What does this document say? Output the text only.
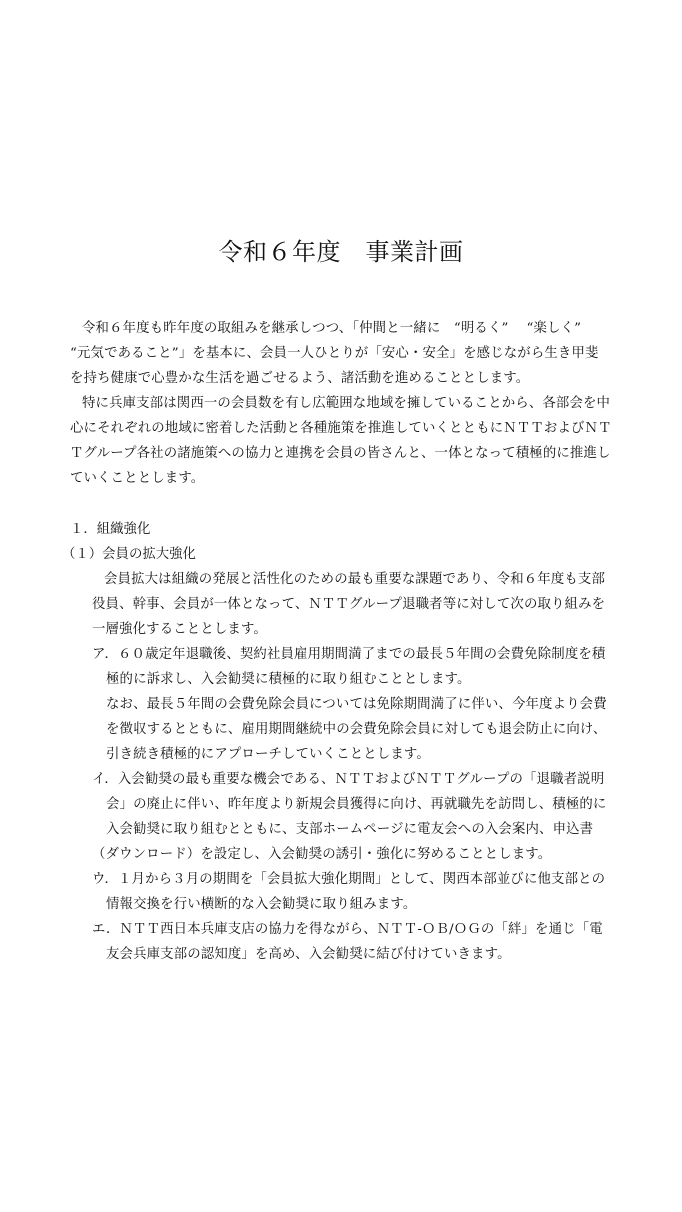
令和６年度　事業計画
令和６年度も昨年度の取組みを継承しつつ、「仲間と一緒に　“明るく”　 “楽しく”
“元気であること”」を基本に、会員一人ひとりが「安心・安全」を感じながら生き甲斐
を持ち健康で心豊かな生活を過ごせるよう、諸活動を進めることとします。
特に兵庫支部は関西一の会員数を有し広範囲な地域を擁していることから、各部会を中
心にそれぞれの地域に密着した活動と各種施策を推進していくとともにＮＴＴおよびＮＴ
Ｔグループ各社の諸施策への協力と連携を会員の皆さんと、一体となって積極的に推進し
ていくこととします。
１．組織強化
（１）会員の拡大強化
会員拡大は組織の発展と活性化のための最も重要な課題であり、令和６年度も支部
役員、幹事、会員が一体となって、ＮＴＴグループ退職者等に対して次の取り組みを
一層強化することとします。
ア．６０歳定年退職後、契約社員雇用期間満了までの最長５年間の会費免除制度を積
極的に訴求し、入会勧奨に積極的に取り組むこととします。
なお、最長５年間の会費免除会員については免除期間満了に伴い、今年度より会費
を徴収するとともに、雇用期間継続中の会費免除会員に対しても退会防止に向け、
引き続き積極的にアプローチしていくこととします。
イ．入会勧奨の最も重要な機会である、ＮＴＴおよびＮＴＴグループの「退職者説明
会」の廃止に伴い、昨年度より新規会員獲得に向け、再就職先を訪問し、積極的に
入会勧奨に取り組むとともに、支部ホームページに電友会への入会案内、申込書
（ダウンロード）を設定し、入会勧奨の誘引・強化に努めることとします。
ウ．１月から３月の期間を「会員拡大強化期間」として、関西本部並びに他支部との
情報交換を行い横断的な入会勧奨に取り組みます。
エ．ＮＴＴ西日本兵庫支店の協力を得ながら、ＮＴＴ-ＯＢ/ＯＧの「絆」を通じ「電
友会兵庫支部の認知度」を高め、入会勧奨に結び付けていきます。
